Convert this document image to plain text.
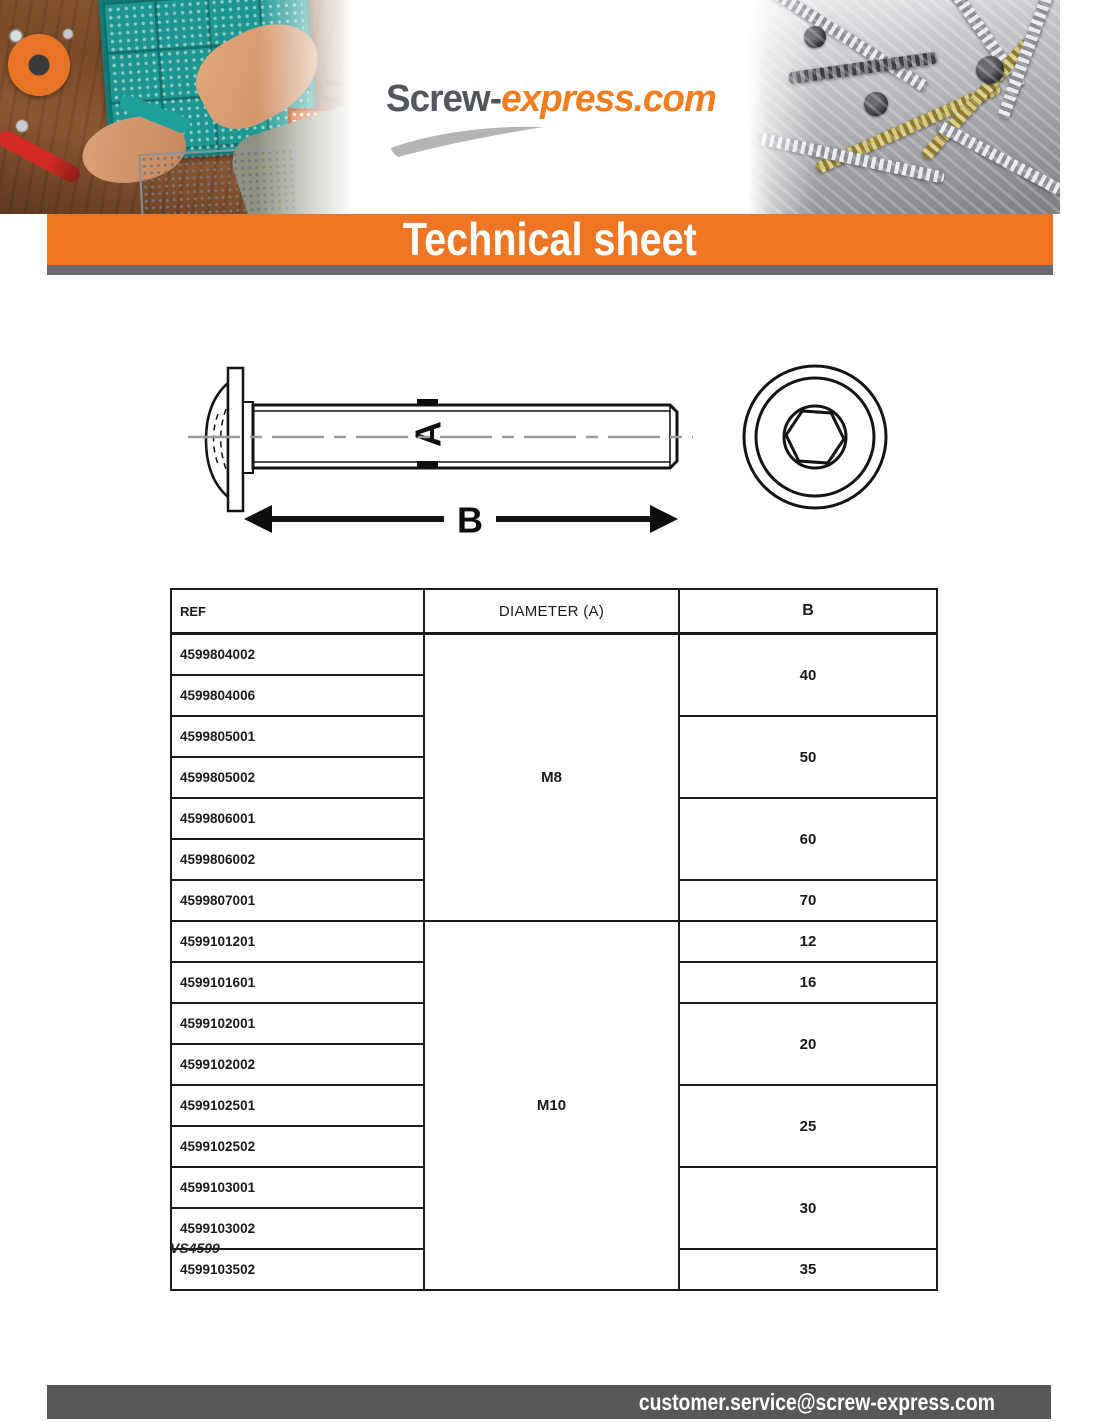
Screw-express.com
Technical sheet
A
B
REF	DIAMETER (A)	B
4599804002	M8	40
4599804006		
4599805001		50
4599805002		
4599806001		60
4599806002		
4599807001		70
4599101201	M10	12
4599101601		16
4599102001		20
4599102002		
4599102501		25
4599102502		
4599103001		30
4599103002		
4599103502		35
VS4599
customer.service@screw-express.com
